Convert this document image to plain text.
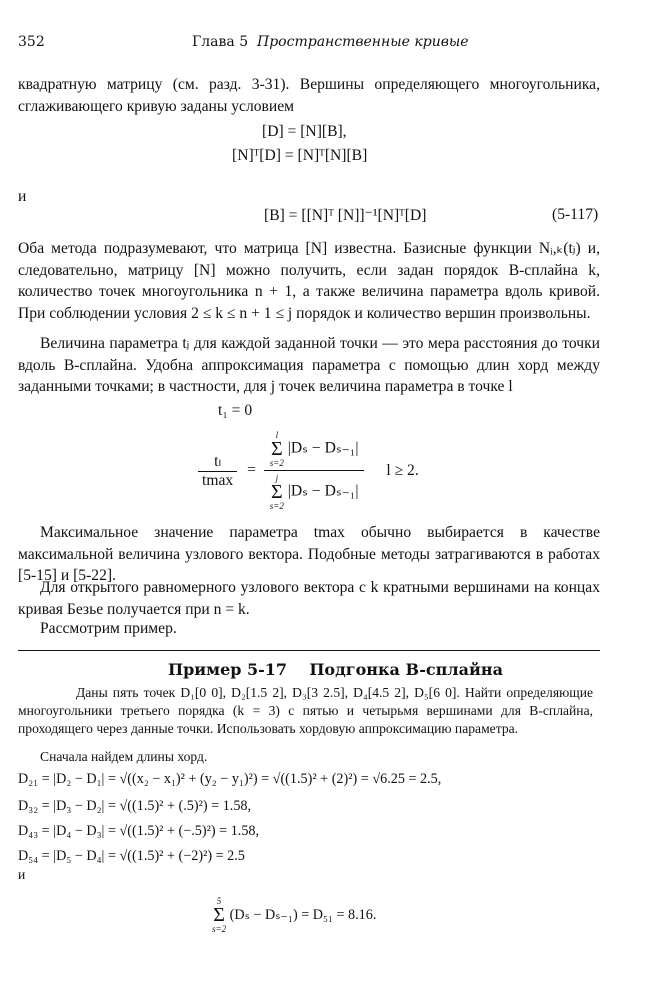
352	Глава 5 Пространственные кривые
квадратную матрицу (см. разд. 3-31). Вершины определяющего многоугольника, сглаживающего кривую заданы условием
[D] = [N][B],
[N]ᵀ[D] = [N]ᵀ[N][B]
и
[B] = [[N]ᵀ [N]]⁻¹[N]ᵀ[D]	(5-117)
Оба метода подразумевают, что матрица [N] известна. Базисные функции Nᵢ,ₖ(tⱼ) и, следовательно, матрицу [N] можно получить, если задан порядок B-сплайна k, количество точек многоугольника n + 1, а также величина параметра вдоль кривой. При соблюдении условия 2 ≤ k ≤ n + 1 ≤ j порядок и количество вершин произвольны.
Величина параметра tⱼ для каждой заданной точки — это мера расстояния до точки вдоль B-сплайна. Удобна аппроксимация параметра с помощью длин хорд между заданными точками; в частности, для j точек величина параметра в точке l
t₁ = 0
$\frac{\text{tₗ}}{tmax} = l$
Σ
s=2
|Dₛ − Dₛ₋₁|
j
Σ
s=2
|Dₛ − Dₛ₋₁| l ≥ 2.
Максимальное значение параметра tmax обычно выбирается в качестве максимальной величина узлового вектора. Подобные методы затрагиваются в работах [5-15] и [5-22].
Для открытого равномерного узлового вектора с k кратными вершинами на концах кривая Безье получается при n = k.
Рассмотрим пример.
Пример 5-17    Подгонка B-сплайна
Даны пять точек D₁[0 0], D₂[1.5 2], D₃[3 2.5], D₄[4.5 2], D₅[6 0]. Найти определяющие многоугольники третьего порядка (k = 3) с пятью и четырьмя вершинами для B-сплайна, проходящего через данные точки. Использовать хордовую аппроксимацию параметра.
Сначала найдем длины хорд.
D₂₁ = |D₂ − D₁| = √((x₂ − x₁)² + (y₂ − y₁)²) = √((1.5)² + (2)²) = √6.25 = 2.5,
D₃₂ = |D₃ − D₂| = √((1.5)² + (.5)²) = 1.58,
D₄₃ = |D₄ − D₃| = √((1.5)² + (−.5)²) = 1.58,
D₅₄ = |D₅ − D₄| = √((1.5)² + (−2)²) = 2.5
и
5
Σ
s=2
(Dₛ − Dₛ₋₁) = D₅₁ = 8.16.
